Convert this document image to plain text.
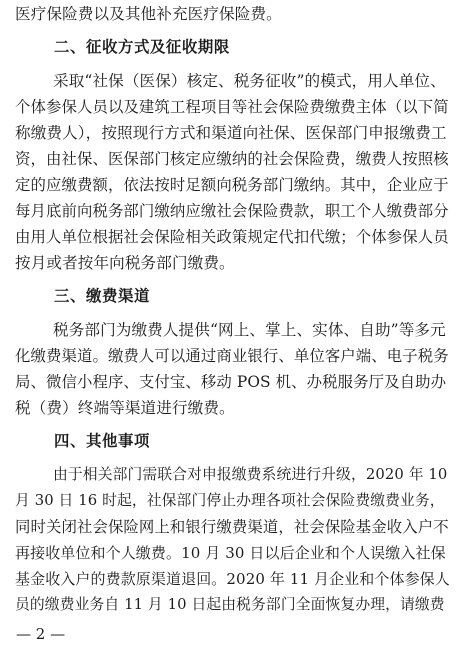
医疗保险费以及其他补充医疗保险费。
二、征收方式及征收期限
采取“社保（医保）核定、税务征收”的模式，用人单位、
个体参保人员以及建筑工程项目等社会保险费缴费主体（以下简
称缴费人），按照现行方式和渠道向社保、医保部门申报缴费工
资，由社保、医保部门核定应缴纳的社会保险费，缴费人按照核
定的应缴费额，依法按时足额向税务部门缴纳。其中，企业应于
每月底前向税务部门缴纳应缴社会保险费款，职工个人缴费部分
由用人单位根据社会保险相关政策规定代扣代缴；个体参保人员
按月或者按年向税务部门缴费。
三、缴费渠道
税务部门为缴费人提供“网上、掌上、实体、自助”等多元
化缴费渠道。缴费人可以通过商业银行、单位客户端、电子税务
局、微信小程序、支付宝、移动 POS 机、办税服务厅及自助办
税（费）终端等渠道进行缴费。
四、其他事项
由于相关部门需联合对申报缴费系统进行升级，2020 年 10
月 30 日 16 时起，社保部门停止办理各项社会保险费缴费业务，
同时关闭社会保险网上和银行缴费渠道，社会保险基金收入户不
再接收单位和个人缴费。10 月 30 日以后企业和个人误缴入社保
基金收入户的费款原渠道退回。2020 年 11 月企业和个体参保人
员的缴费业务自 11 月 10 日起由税务部门全面恢复办理，请缴费
— 2 —
